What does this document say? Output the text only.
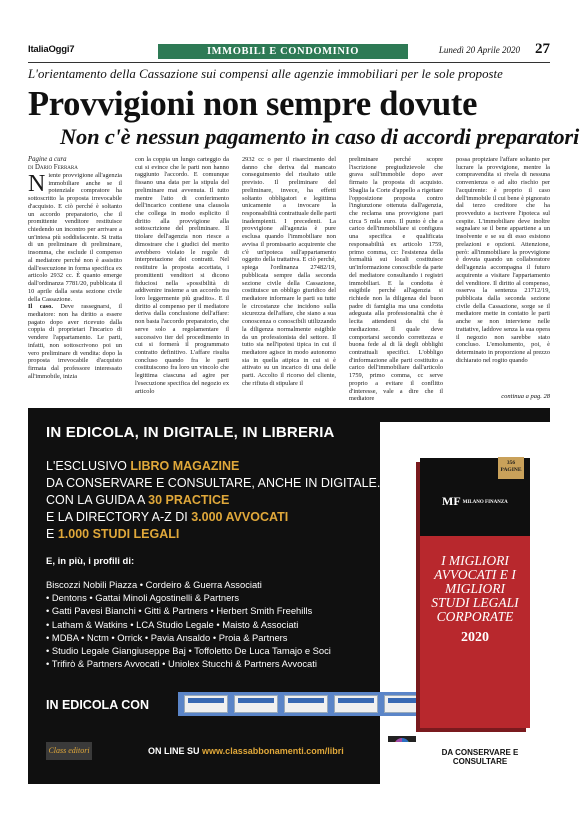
ItaliaOggi7	IMMOBILI E CONDOMINIO	Lunedì 20 Aprile 2020 27
L'orientamento della Cassazione sui compensi alle agenzie immobiliari per le sole proposte
Provvigioni non sempre dovute
Non c'è nessun pagamento in caso di accordi preparatori

Pagine a cura
di Dario Ferrara

Niente provvigione all'agenzia immobiliare anche se il potenziale compratore ha sottoscritto la proposta irrevocabile d'acquisto. E ciò perché è soltanto un accordo preparatorio, che il promittente venditore restituisce chiedendo un incontro per arrivare a un'intesa più soddisfacente. Si tratta di un preliminare di preliminare, insomma, che esclude il compenso al mediatore perché non è assistito dall'esecuzione in forma specifica ex articolo 2932 cc. È quanto emerge dall'ordinanza 7781/20, pubblicata il 10 aprile dalla sesta sezione civile della Cassazione.

Il caso. Deve rassegnarsi, il mediatore: non ha diritto a essere pagato dopo aver ricevuto dalla coppia di proprietari l'incarico di vendere l'appartamento. Le parti, infatti, non sottoscrivono poi un vero preliminare di vendita: dopo la proposta irrevocabile d'acquisto firmata dal professore interessato all'immobile, inizia

con la coppia un lungo carteggio da cui si evince che le parti non hanno raggiunto l'accordo. E comunque fissano una data per la stipula del preliminare mai avvenuta. Il tutto mentre l'atto di conferimento dell'incarico contiene una clausola che collega in modo esplicito il diritto alla provvigione alla sottoscrizione del preliminare. Il titolare dell'agenzia non riesce a dimostrare che i giudici del merito avrebbero violato le regole di interpretazione dei contratti. Nel restituire la proposta accettata, i promittenti venditori si dicono fiduciosi nella «possibilità di addivenire insieme a un accordo tra loro leggermente più gradito». E il diritto al compenso per il mediatore deriva dalla conclusione dell'affare: non basta l'accordo preparatorio, che serve solo a regolamentare il successivo iter del procedimento in cui si formerà il programmato contratto definitivo. L'affare risulta concluso quando fra le parti costituiscono fra loro un vincolo che legittima ciascuna ad agire per l'esecuzione specifica del negozio ex articolo

2932 cc o per il risarcimento del danno che deriva dal mancato conseguimento del risultato utile previsto. Il preliminare del preliminare, invece, ha effetti soltanto obbligatori e legittima unicamente a invocare la responsabilità contrattuale delle parti inadempienti. I precedenti. La provvigione all'agenzia è pure esclusa quando l'immobiliare non avvisa il promissario acquirente che c'è un'ipoteca sull'appartamento oggetto della trattativa. E ciò perché, spiega l'ordinanza 27482/19, pubblicata sempre dalla seconda sezione civile della Cassazione, costituisce un obbligo giuridico del mediatore informare le parti su tutte le circostanze che incidono sulla sicurezza dell'affare, che siano a sua conoscenza o conoscibili utilizzando la diligenza normalmente esigibile da un professionista del settore. Il tutto sia nell'ipotesi tipica in cui il mediatore agisce in modo autonomo sia in quella atipica in cui si è attivato su un incarico di una delle parti. Accolto il ricorso del cliente, che rifiuta di stipulare il

preliminare perché scopre l'iscrizione pregiudizievole che grava sull'immobile dopo aver firmato la proposta di acquisto. Sbaglia la Corte d'appello a rigettare l'opposizione proposta contro l'ingiunzione ottenuta dall'agenzia, che reclama una provvigione pari circa 5 mila euro. Il punto è che a carico dell'immobiliare si configura una specifica e qualificata responsabilità ex articolo 1759, primo comma, cc: l'esistenza della formalità sui locali costituisce un'informazione conoscibile da parte del mediatore consultando i registri immobiliari. E la condotta è esigibile perché all'agenzia si richiede non la diligenza del buon padre di famiglia ma una condotta adeguata alla professionalità che è lecita attendersi da chi fa mediazione. Il quale deve comportarsi secondo correttezza e buona fede al di là degli obblighi contrattuali specifici. L'obbligo d'informazione alle parti costituito a carico dell'immobiliare dall'articolo 1759, primo comma, cc serve proprio a evitare il conflitto d'interesse, vale a dire che il mediatore

possa propiziare l'affare soltanto per lucrare la provvigione, mentre la compravendita si rivela di nessuna convenienza o ad alto rischio per l'acquirente: è proprio il caso dell'immobile il cui bene è pignorato dal terzo creditore che ha provveduto a iscrivere l'ipoteca sul cespite. L'immobiliare deve inoltre segnalare se il bene appartiene a un insolvente e se su di esso esistono prelazioni e opzioni. Attenzione, però: all'immobiliare la provvigione è dovuta quando un collaboratore dell'agenzia accompagna il futuro acquirente a visitare l'appartamento del venditore. Il diritto al compenso, osserva la sentenza 21712/19, pubblicata dalla seconda sezione civile della Cassazione, sorge se il mediatore mette in contatto le parti anche se non interviene nelle trattative, laddove senza la sua opera il negozio non sarebbe stato concluso. L'emolumento, poi, è determinato in proporzione al prezzo dichiarato nel rogito quando

continua a pag. 28
IN EDICOLA, IN DIGITALE, IN LIBRERIA
L'ESCLUSIVO LIBRO MAGAZINE
DA CONSERVARE E CONSULTARE, ANCHE IN DIGITALE.
CON LA GUIDA A 30 PRACTICE
E LA DIRECTORY A-Z DI 3.000 AVVOCATI
E 1.000 STUDI LEGALI
E, in più, i profili di:
Biscozzi Nobili Piazza • Cordeiro & Guerra Associati
• Dentons • Gattai Minoli Agostinelli & Partners
• Gatti Pavesi Bianchi • Gitti & Partners • Herbert Smith Freehills
• Latham & Watkins • LCA Studio Legale • Maisto & Associati
• MDBA • Nctm • Orrick • Pavia Ansaldo • Proia & Partners
• Studio Legale Giangiuseppe Baj • Toffoletto De Luca Tamajo e Soci
• Trifirò & Partners Avvocati • Uniolex Stucchi & Partners Avvocati
IN EDICOLA CON
Class editori	ON LINE SU www.classabbonamenti.com/libri	DA CONSERVARE E CONSULTARE
356 PAGINE
MF MILANO FINANZA
I MIGLIORI AVVOCATI E I MIGLIORI STUDI LEGALI CORPORATE
2020
